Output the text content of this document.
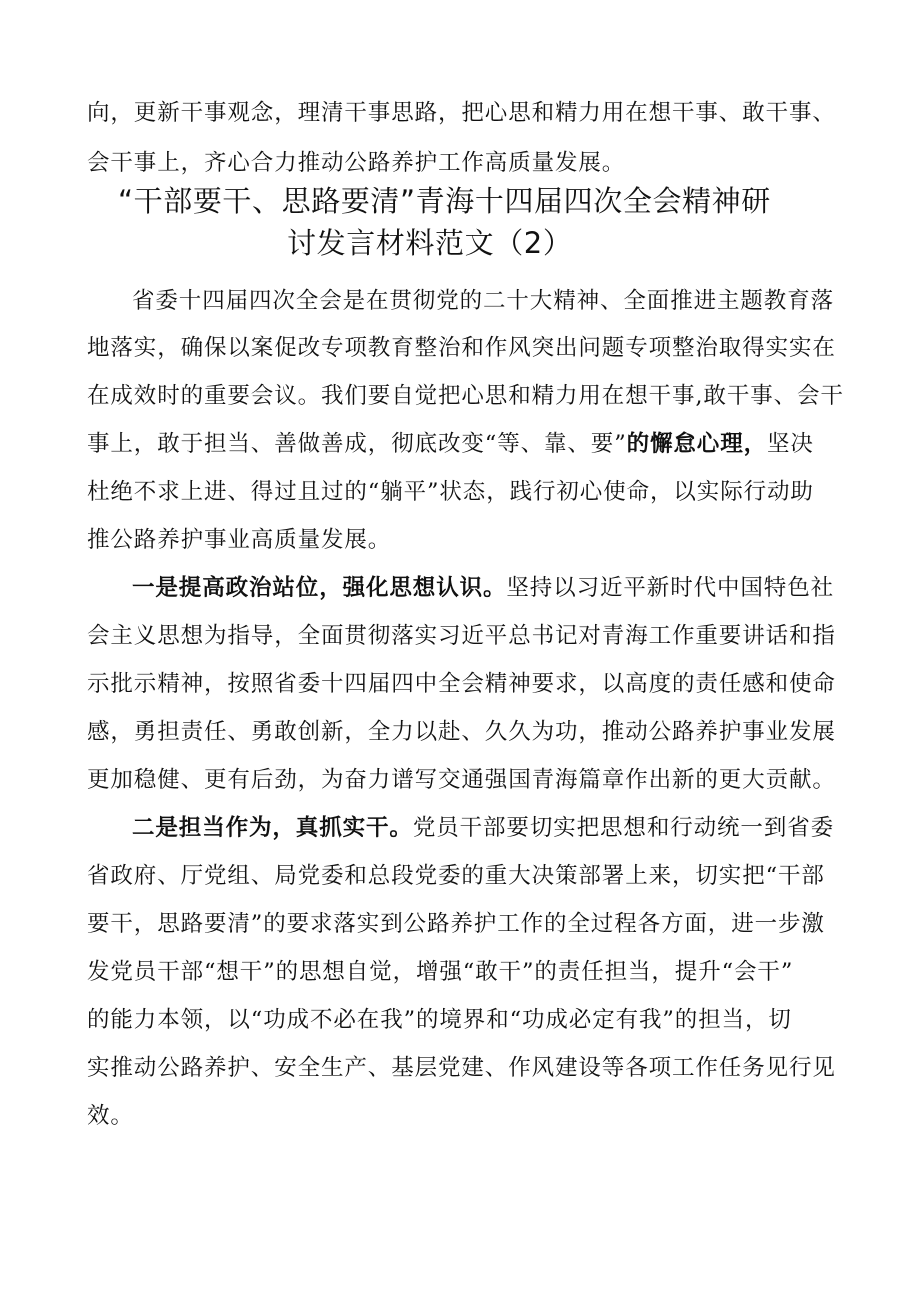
向，更新干事观念，理清干事思路，把心思和精力用在想干事、敢干事、
会干事上，齐心合力推动公路养护工作高质量发展。
“干部要干、思路要清”青海十四届四次全会精神研
讨发言材料范文（2）
省委十四届四次全会是在贯彻党的二十大精神、全面推进主题教育落
地落实，确保以案促改专项教育整治和作风突出问题专项整治取得实实在
在成效时的重要会议。我们要自觉把心思和精力用在想干事,敢干事、会干
事上，敢于担当、善做善成，彻底改变“等、靠、要”的懈怠心理，坚决
杜绝不求上进、得过且过的“躺平”状态，践行初心使命，以实际行动助
推公路养护事业高质量发展。
一是提高政治站位，强化思想认识。坚持以习近平新时代中国特色社
会主义思想为指导，全面贯彻落实习近平总书记对青海工作重要讲话和指
示批示精神，按照省委十四届四中全会精神要求，以高度的责任感和使命
感，勇担责任、勇敢创新，全力以赴、久久为功，推动公路养护事业发展
更加稳健、更有后劲，为奋力谱写交通强国青海篇章作出新的更大贡献。
二是担当作为，真抓实干。党员干部要切实把思想和行动统一到省委
省政府、厅党组、局党委和总段党委的重大决策部署上来，切实把“干部
要干，思路要清”的要求落实到公路养护工作的全过程各方面，进一步激
发党员干部“想干”的思想自觉，增强“敢干”的责任担当，提升“会干”
的能力本领，以“功成不必在我”的境界和“功成必定有我”的担当，切
实推动公路养护、安全生产、基层党建、作风建设等各项工作任务见行见
效。
